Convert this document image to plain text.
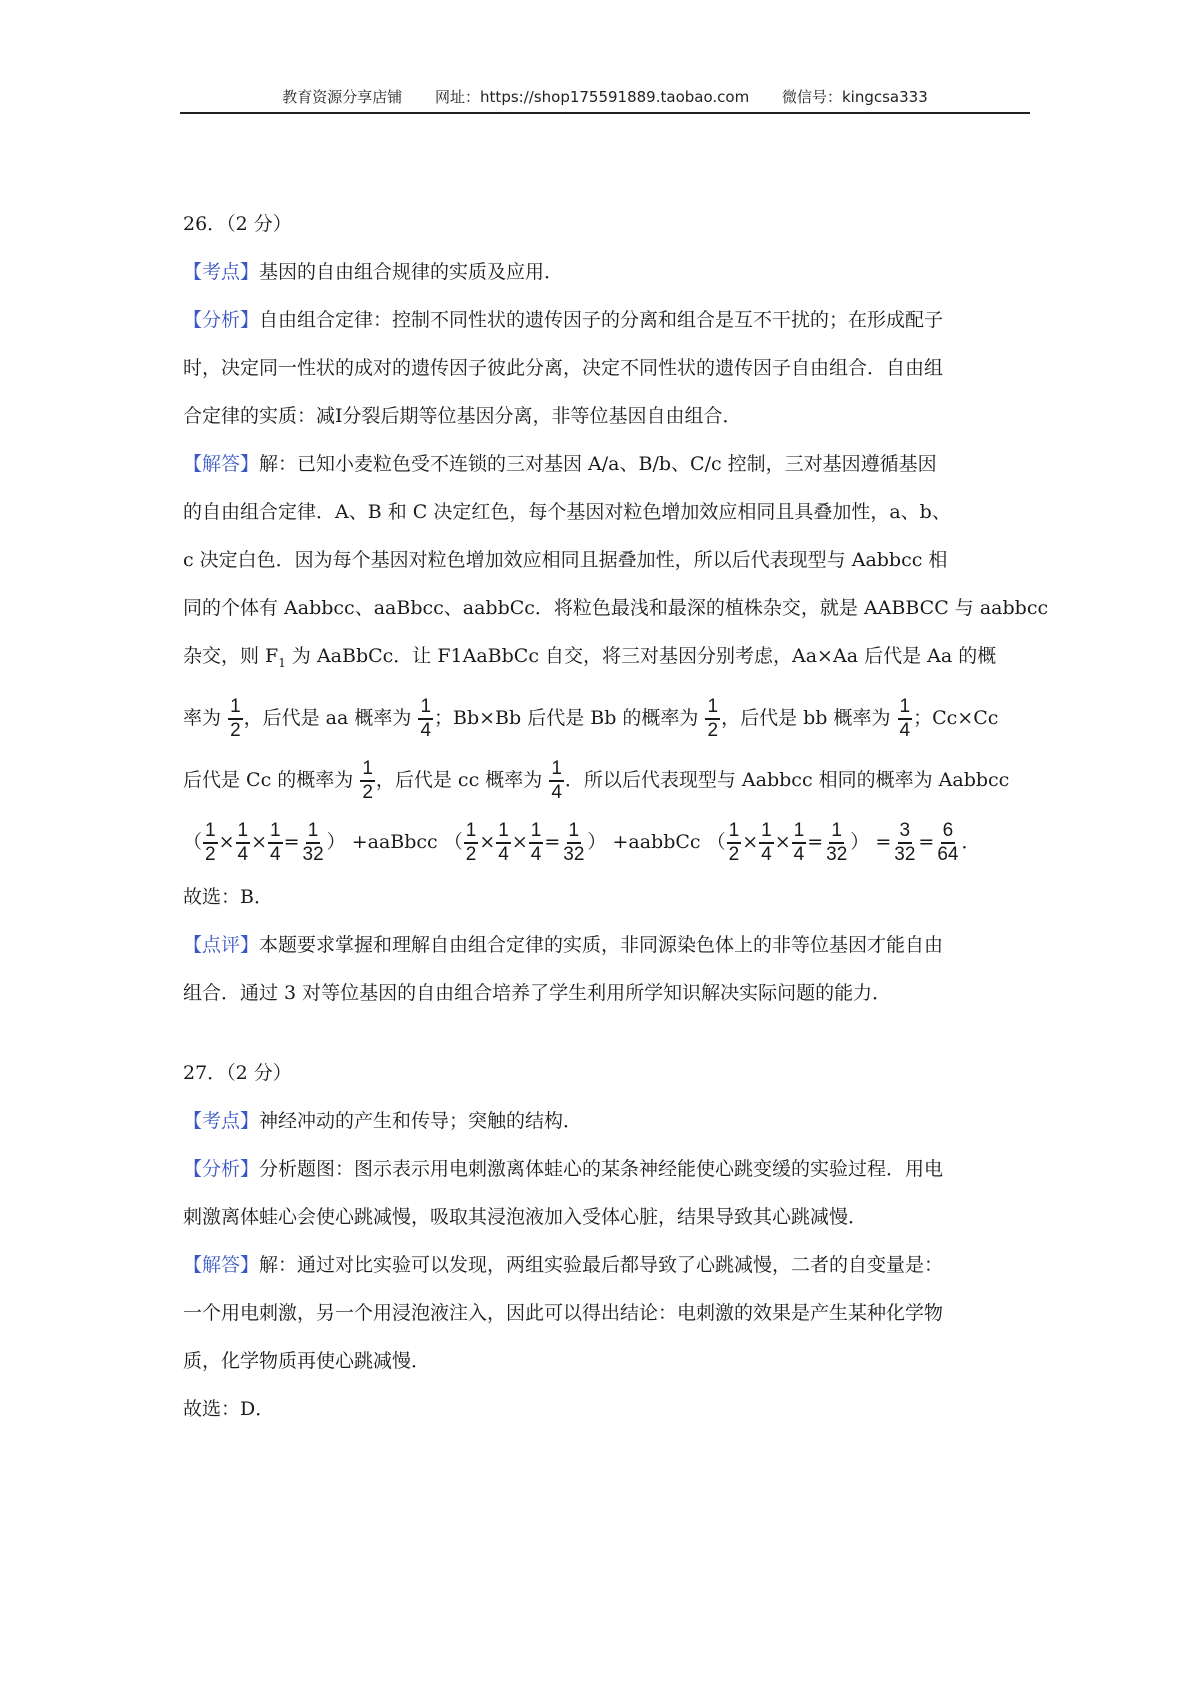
教育资源分享店铺 网址：https://shop175591889.taobao.com 微信号：kingcsa333
26．（2 分）
【考点】基因的自由组合规律的实质及应用．
【分析】自由组合定律：控制不同性状的遗传因子的分离和组合是互不干扰的；在形成配子
时，决定同一性状的成对的遗传因子彼此分离，决定不同性状的遗传因子自由组合．自由组
合定律的实质：减Ⅰ分裂后期等位基因分离，非等位基因自由组合．
【解答】解：已知小麦粒色受不连锁的三对基因 A/a、B/b、C/c 控制，三对基因遵循基因
的自由组合定律．A、B 和 C 决定红色，每个基因对粒色增加效应相同且具叠加性，a、b、
c 决定白色．因为每个基因对粒色增加效应相同且据叠加性，所以后代表现型与 Aabbcc 相
同的个体有 Aabbcc、aaBbcc、aabbCc．将粒色最浅和最深的植株杂交，就是 AABBCC 与 aabbcc
杂交，则 $F_1$ 为 AaBbCc．让 F1AaBbCc 自交，将三对基因分别考虑，Aa×Aa 后代是 Aa 的概
率为 $\frac{1}{2}$ ，后代是 aa 概率为 $\frac{1}{4}$ ；Bb×Bb 后代是 Bb 的概率为 $\frac{1}{2}$ ，后代是 bb 概率为 $\frac{1}{4}$ ；Cc×Cc
后代是 Cc 的概率为 $\frac{1}{2}$ ，后代是 cc 概率为 $\frac{1}{4}$ ．所以后代表现型与 Aabbcc 相同的概率为 Aabbcc
（ $\frac{1}{2} \times \frac{1}{4} \times \frac{1}{4} = \frac{1}{32}$ ） +aaBbcc （ $\frac{1}{2} \times \frac{1}{4} \times \frac{1}{4} = \frac{1}{32}$ ） +aabbCc （ $\frac{1}{2} \times \frac{1}{4} \times \frac{1}{4} = \frac{1}{32}$ ） = $\frac{3}{32} = \frac{6}{64}$ ．
故选：B．
【点评】本题要求掌握和理解自由组合定律的实质，非同源染色体上的非等位基因才能自由
组合．通过 3 对等位基因的自由组合培养了学生利用所学知识解决实际问题的能力．
27．（2 分）
【考点】神经冲动的产生和传导；突触的结构．
【分析】分析题图：图示表示用电刺激离体蛙心的某条神经能使心跳变缓的实验过程．用电
刺激离体蛙心会使心跳减慢，吸取其浸泡液加入受体心脏，结果导致其心跳减慢．
【解答】解：通过对比实验可以发现，两组实验最后都导致了心跳减慢，二者的自变量是：
一个用电刺激，另一个用浸泡液注入，因此可以得出结论：电刺激的效果是产生某种化学物
质，化学物质再使心跳减慢．
故选：D．
